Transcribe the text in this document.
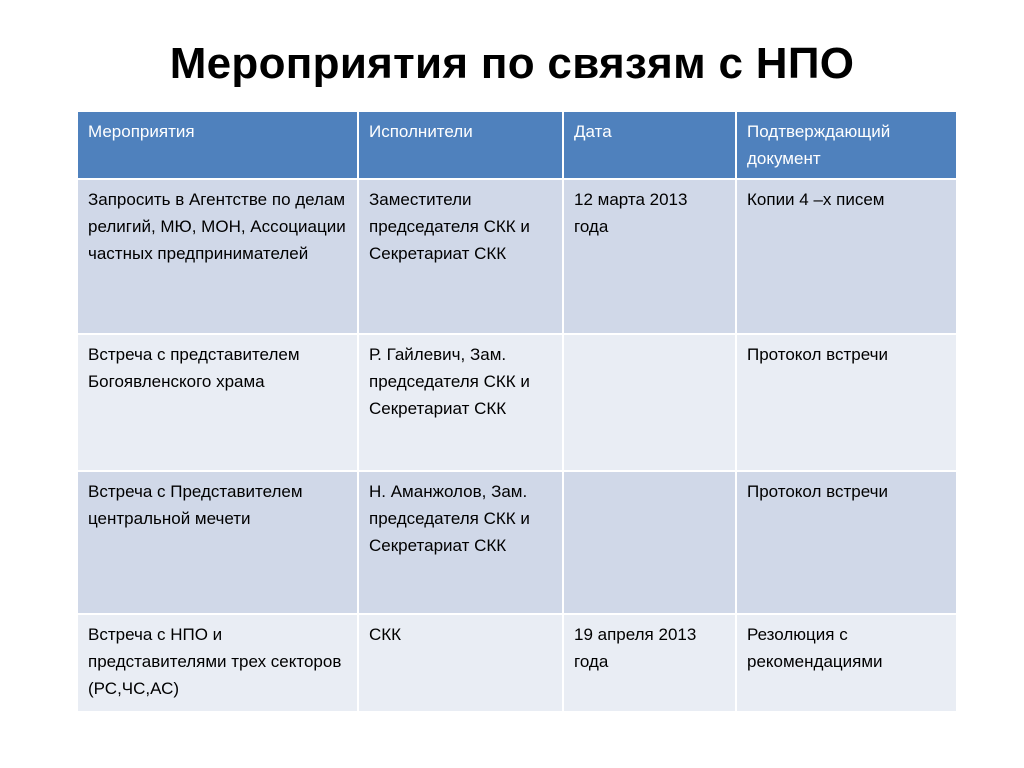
Мероприятия по связям с НПО
Мероприятия	Исполнители	Дата	Подтверждающий документ
Запросить в Агентстве по делам религий, МЮ, МОН, Ассоциации частных предпринимателей	Заместители председателя СКК и Секретариат СКК	12 марта 2013 года	Копии 4 –х писем
Встреча с представителем Богоявленского храма	Р. Гайлевич, Зам. председателя СКК и Секретариат СКК		Протокол встречи
Встреча с Представителем центральной мечети	Н. Аманжолов, Зам. председателя СКК и Секретариат СКК		Протокол встречи
Встреча с НПО и представителями трех секторов (РС,ЧС,АС)	СКК	19 апреля 2013 года	Резолюция с рекомендациями
